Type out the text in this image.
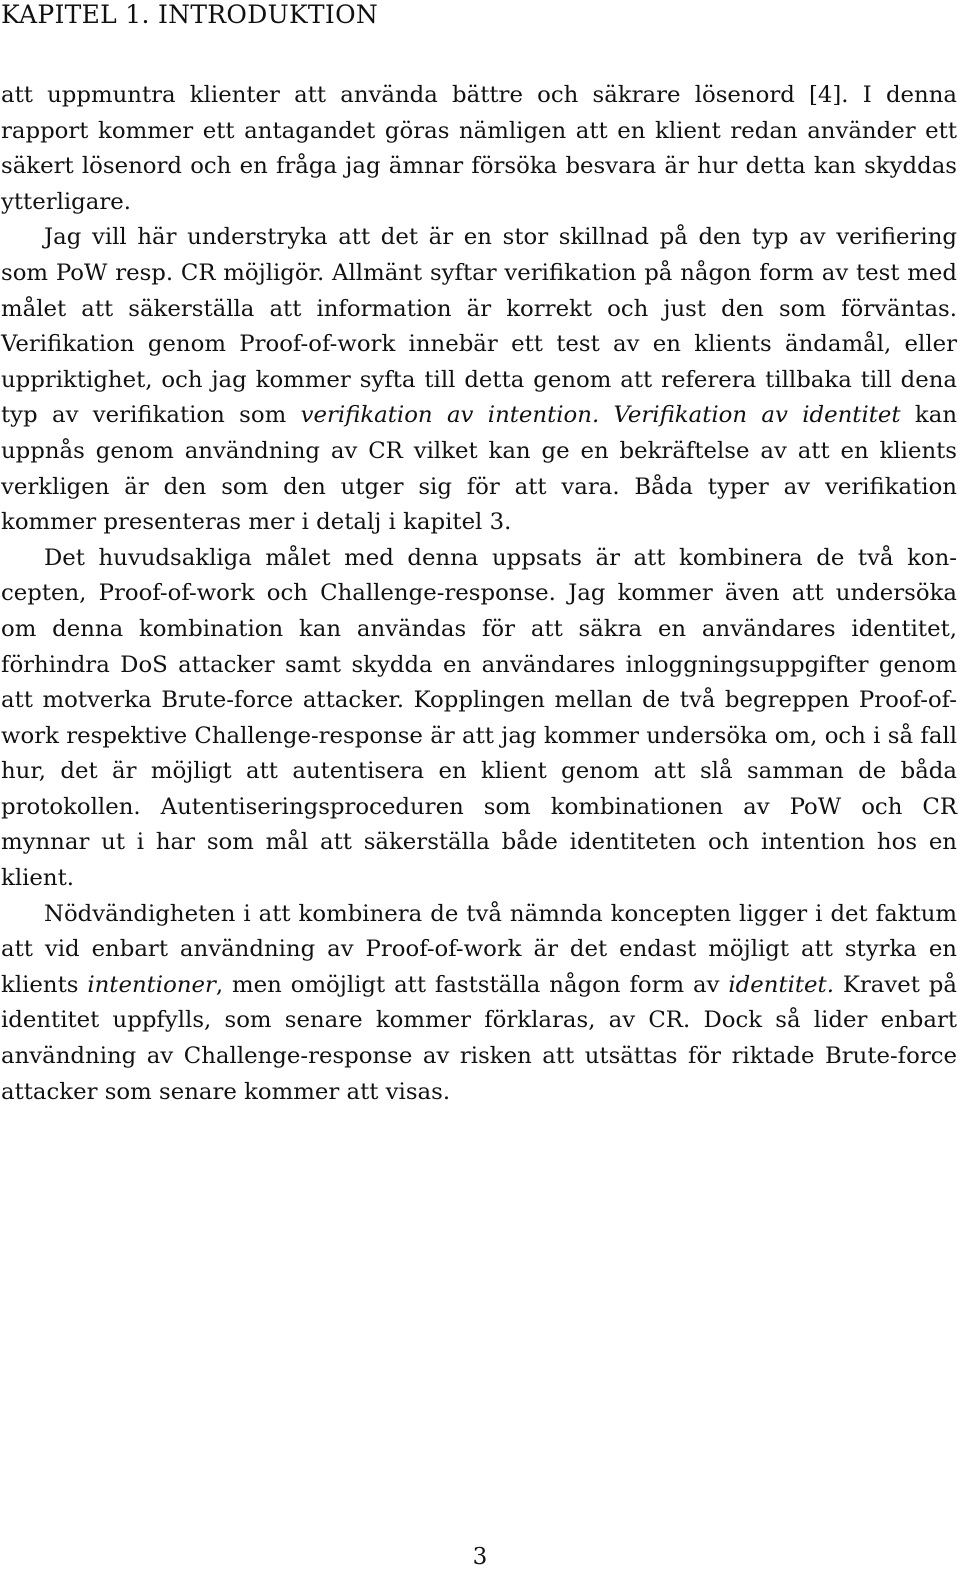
KAPITEL 1. INTRODUKTION

att uppmuntra klienter att använda bättre och säkrare lösenord [4]. I denna rapport kommer ett antagandet göras nämligen att en klient redan använder ett säkert lösenord och en fråga jag ämnar försöka besvara är hur detta kan skyddas ytterligare.

Jag vill här understryka att det är en stor skillnad på den typ av verifiering som PoW resp. CR möjligör. Allmänt syftar verifikation på någon form av test med målet att säkerställa att information är korrekt och just den som förväntas. Verifikation genom Proof-of-work innebär ett test av en klients ändamål, eller uppriktighet, och jag kommer syfta till detta genom att referera tillbaka till dena typ av verifikation som verifikation av intention. Verifikation av identitet kan uppnås genom användning av CR vilket kan ge en bekräftelse av att en klients verkligen är den som den utger sig för att vara. Båda typer av verifikation kommer presenteras mer i detalj i kapitel 3.

Det huvudsakliga målet med denna uppsats är att kombinera de två koncepten, Proof-of-work och Challenge-response. Jag kommer även att undersöka om denna kombination kan användas för att säkra en användares identitet, förhindra DoS attacker samt skydda en användares inloggningsuppgifter genom att motverka Brute-force attacker. Kopplingen mellan de två begreppen Proof-of-work respektive Challenge-response är att jag kommer undersöka om, och i så fall hur, det är möjligt att autentisera en klient genom att slå samman de båda protokollen. Autentiseringsproceduren som kombinationen av PoW och CR mynnar ut i har som mål att säkerställa både identiteten och intention hos en klient.

Nödvändigheten i att kombinera de två nämnda koncepten ligger i det faktum att vid enbart användning av Proof-of-work är det endast möjligt att styrka en klients intentioner, men omöjligt att fastställa någon form av identitet. Kravet på identitet uppfylls, som senare kommer förklaras, av CR. Dock så lider enbart användning av Challenge-response av risken att utsättas för riktade Brute-force attacker som senare kommer att visas.

3
